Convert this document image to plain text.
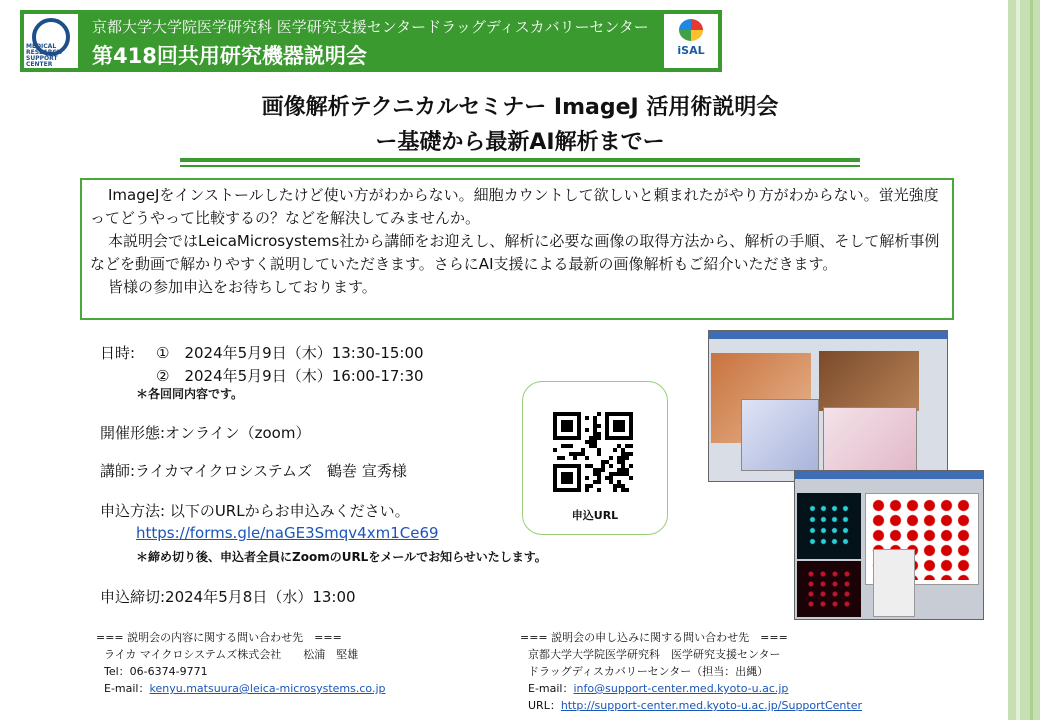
MEDICAL RESEARCH SUPPORT CENTER
京都大学大学院医学研究科 医学研究支援センタードラッグディスカバリーセンター
第418回共用研究機器説明会	iSAL
画像解析テクニカルセミナー ImageJ 活用術説明会
ー基礎から最新AI解析までー

ImageJをインストールしたけど使い方がわからない。細胞カウントして欲しいと頼まれたがやり方がわからない。蛍光強度ってどうやって比較するの？などを解決してみませんか。

本説明会ではLeicaMicrosystems社から講師をお迎えし、解析に必要な画像の取得方法から、解析の手順、そして解析事例などを動画で解かりやすく説明していただきます。さらにAI支援による最新の画像解析もご紹介いただきます。

皆様の参加申込をお待ちしております。

日時: ①　2024年5月9日（木）13:30-15:00
②　2024年5月9日（木）16:00-17:30
＊各回同内容です。
開催形態:オンライン（zoom）
講師:ライカマイクロシステムズ　鶴巻 宣秀様
申込方法: 以下のURLからお申込みください。
https://forms.gle/naGE3Smqv4xm1Ce69
＊締め切り後、申込者全員にZoomのURLをメールでお知らせいたします。
申込締切:2024年5月8日（水）13:00
申込URL
=== 説明会の内容に関する問い合わせ先　===
ライカ マイクロシステムズ株式会社　　松浦　堅雄
Tel：06-6374-9771
E-mail：kenyu.matsuura@leica-microsystems.co.jp
=== 説明会の申し込みに関する問い合わせ先　===
京都大学大学院医学研究科　医学研究支援センター
ドラッグディスカバリーセンター（担当：出縄）
E-mail：info@support-center.med.kyoto-u.ac.jp
URL：http://support-center.med.kyoto-u.ac.jp/SupportCenter
